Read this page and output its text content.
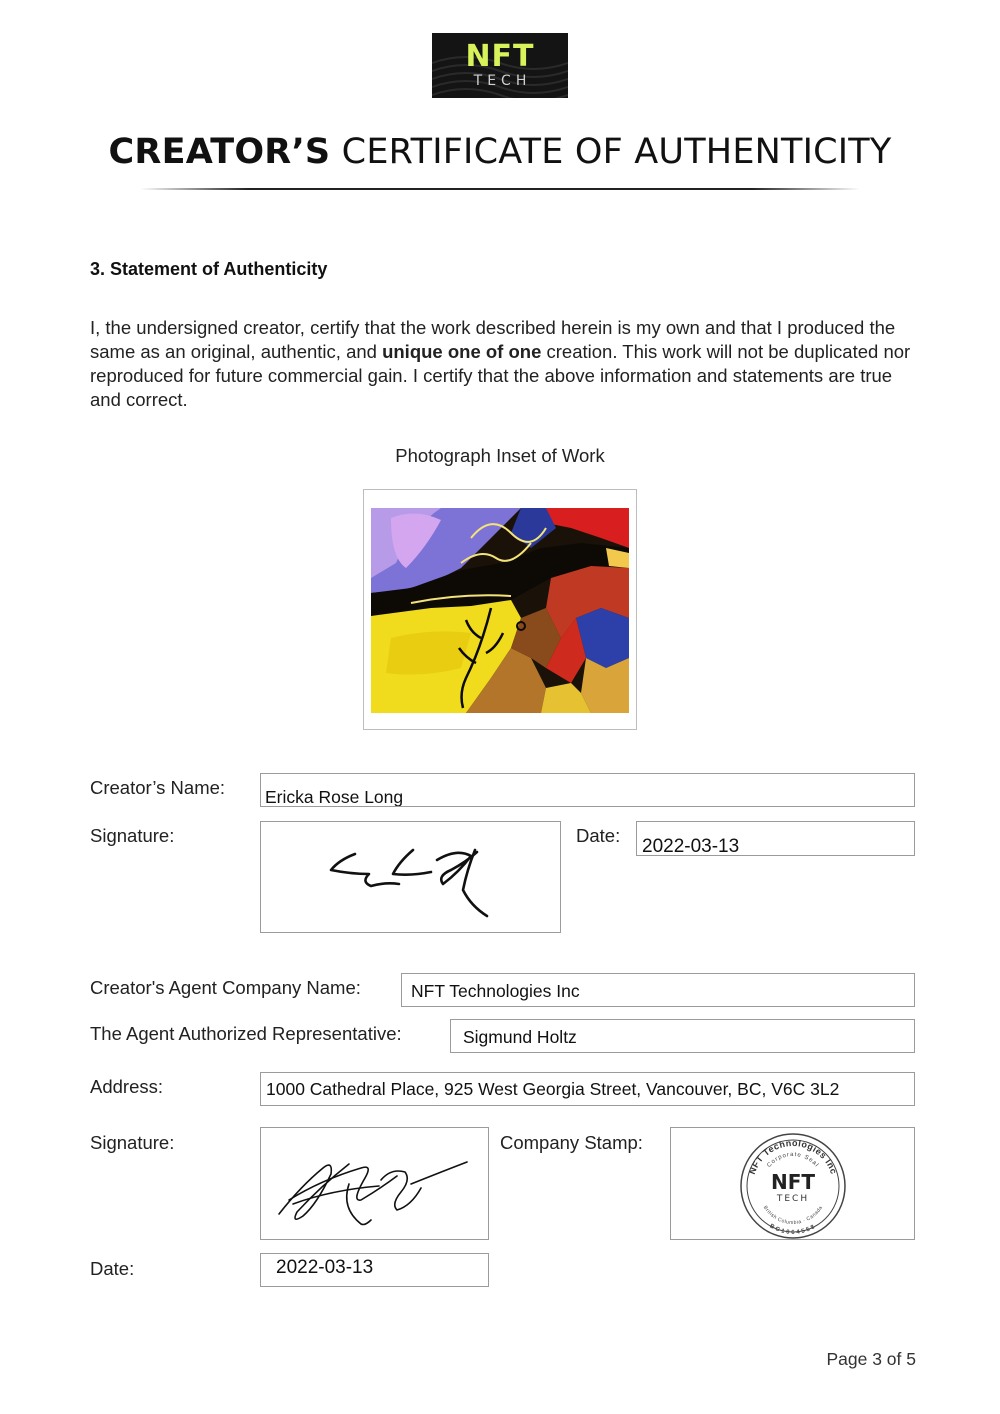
NFT
TECH
CREATOR’S CERTIFICATE OF AUTHENTICITY
3. Statement of Authenticity
I, the undersigned creator, certify that the work described herein is my own and that I produced the same as an original, authentic, and unique one of one creation. This work will not be duplicated nor reproduced for future commercial gain. I certify that the above information and statements are true and correct.
Photograph Inset of Work
Creator’s Name: Ericka Rose Long
Signature:	Date:
2022-03-13
Creator's Agent Company Name:	NFT Technologies Inc
The Agent Authorized Representative:	Sigmund Holtz
Address:	1000 Cathedral Place, 925 West Georgia Street, Vancouver, BC, V6C 3L2
Signature:	Company Stamp:
NFT Technologies Inc
Corporate Seal
British Columbia · Canada
BC1064558
NFT
TECH
Date:	2022-03-13
Page 3 of 5
